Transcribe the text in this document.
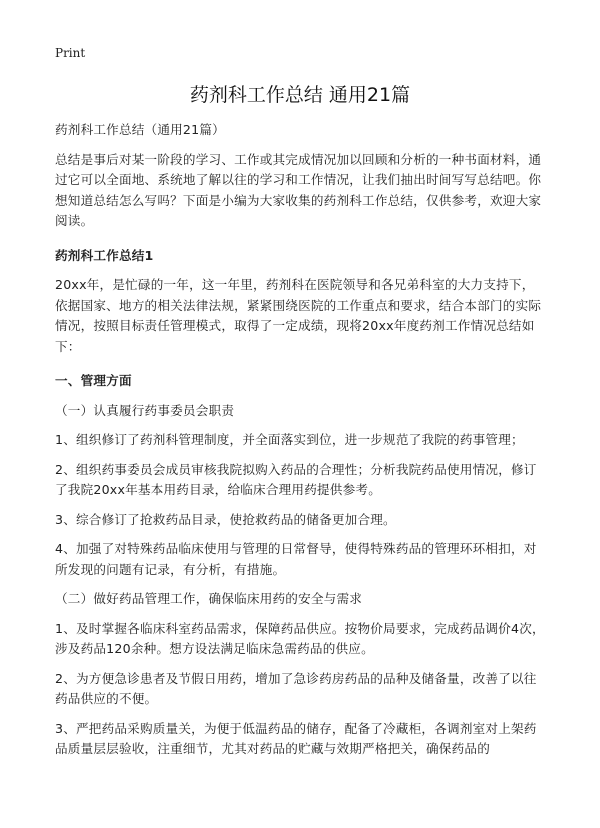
Print
药剂科工作总结 通用21篇

药剂科工作总结（通用21篇）

总结是事后对某一阶段的学习、工作或其完成情况加以回顾和分析的一种书面材料，通过它可以全面地、系统地了解以往的学习和工作情况，让我们抽出时间写写总结吧。你想知道总结怎么写吗？下面是小编为大家收集的药剂科工作总结，仅供参考，欢迎大家阅读。

药剂科工作总结1

20xx年，是忙碌的一年，这一年里，药剂科在医院领导和各兄弟科室的大力支持下，依据国家、地方的相关法律法规，紧紧围绕医院的工作重点和要求，结合本部门的实际情况，按照目标责任管理模式，取得了一定成绩，现将20xx年度药剂工作情况总结如下：

一、管理方面

（一）认真履行药事委员会职责

1、组织修订了药剂科管理制度，并全面落实到位，进一步规范了我院的药事管理；

2、组织药事委员会成员审核我院拟购入药品的合理性；分析我院药品使用情况，修订了我院20xx年基本用药目录，给临床合理用药提供参考。

3、综合修订了抢救药品目录，使抢救药品的储备更加合理。

4、加强了对特殊药品临床使用与管理的日常督导，使得特殊药品的管理环环相扣，对所发现的问题有记录，有分析，有措施。

（二）做好药品管理工作，确保临床用药的安全与需求

1、及时掌握各临床科室药品需求，保障药品供应。按物价局要求，完成药品调价4次，涉及药品120余种。想方设法满足临床急需药品的供应。

2、为方便急诊患者及节假日用药，增加了急诊药房药品的品种及储备量，改善了以往药品供应的不便。

3、严把药品采购质量关，为便于低温药品的储存，配备了冷藏柜，各调剂室对上架药品质量层层验收，注重细节，尤其对药品的贮藏与效期严格把关，确保药品的
